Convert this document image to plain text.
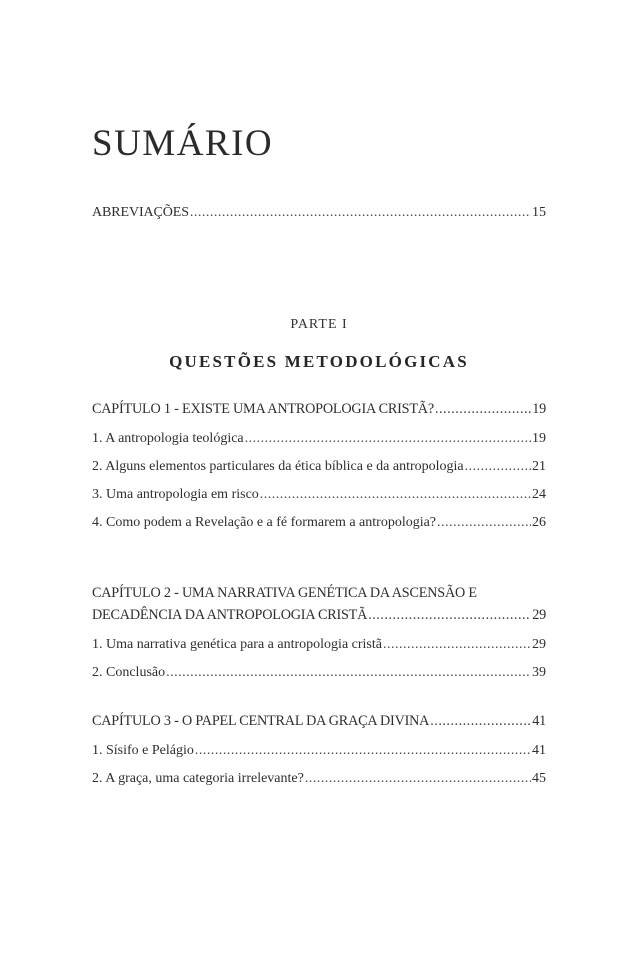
SUMÁRIO
ABREVIAÇÕES .....	15
PARTE I
QUESTÕES METODOLÓGICAS
CAPÍTULO 1 - EXISTE UMA ANTROPOLOGIA CRISTÃ? .....	19
1. A antropologia teológica .....	19
2. Alguns elementos particulares da ética bíblica e da antropologia .....	21
3. Uma antropologia em risco .....	24
4. Como podem a Revelação e a fé formarem a antropologia? .....	26
CAPÍTULO 2 - UMA NARRATIVA GENÉTICA DA ASCENSÃO E
DECADÊNCIA DA ANTROPOLOGIA CRISTÃ .....	29
1. Uma narrativa genética para a antropologia cristã .....	29
2. Conclusão .....	39
CAPÍTULO 3 - O PAPEL CENTRAL DA GRAÇA DIVINA .....	41
1. Sísifo e Pelágio .....	41
2. A graça, uma categoria irrelevante? .....	45
